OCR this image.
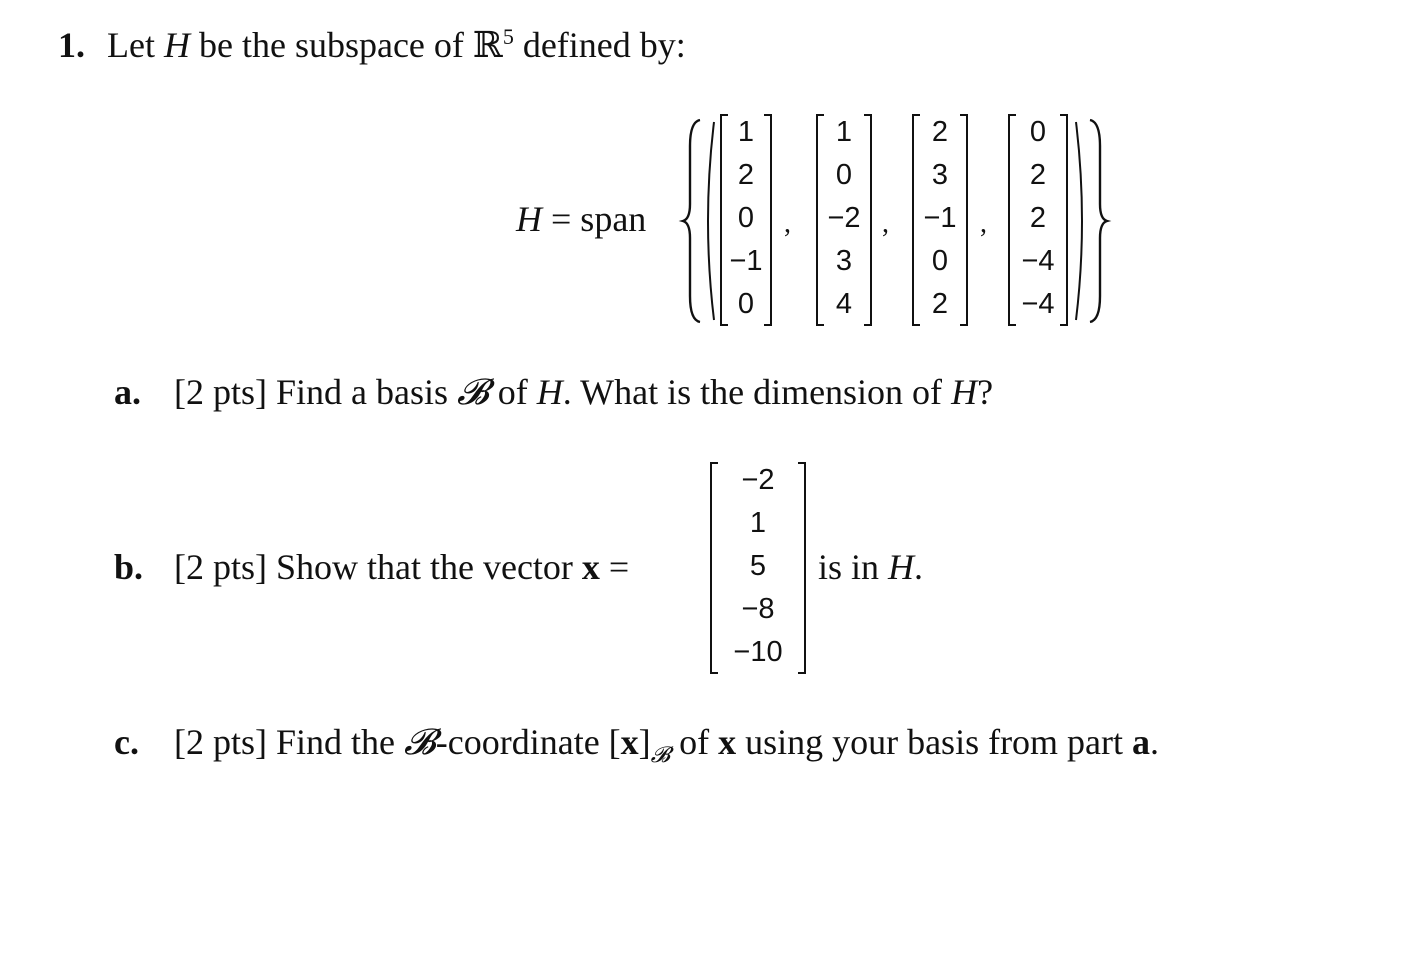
1. Let H be the subspace of ℝ$^5$ defined by:
H = span
1
2
0
−1
0
,
1
0
−2
3
4
,
2
3
−1
0
2
,
0
2
2
−4
−4
a. [2 pts] Find a basis 𝓑 of H. What is the dimension of H?
b. [2 pts] Show that the vector x =
−2
1
5
−8
−10
is in H.
c. [2 pts] Find the 𝓑-coordinate $[x]_𝓑$ of x using your basis from part a.
